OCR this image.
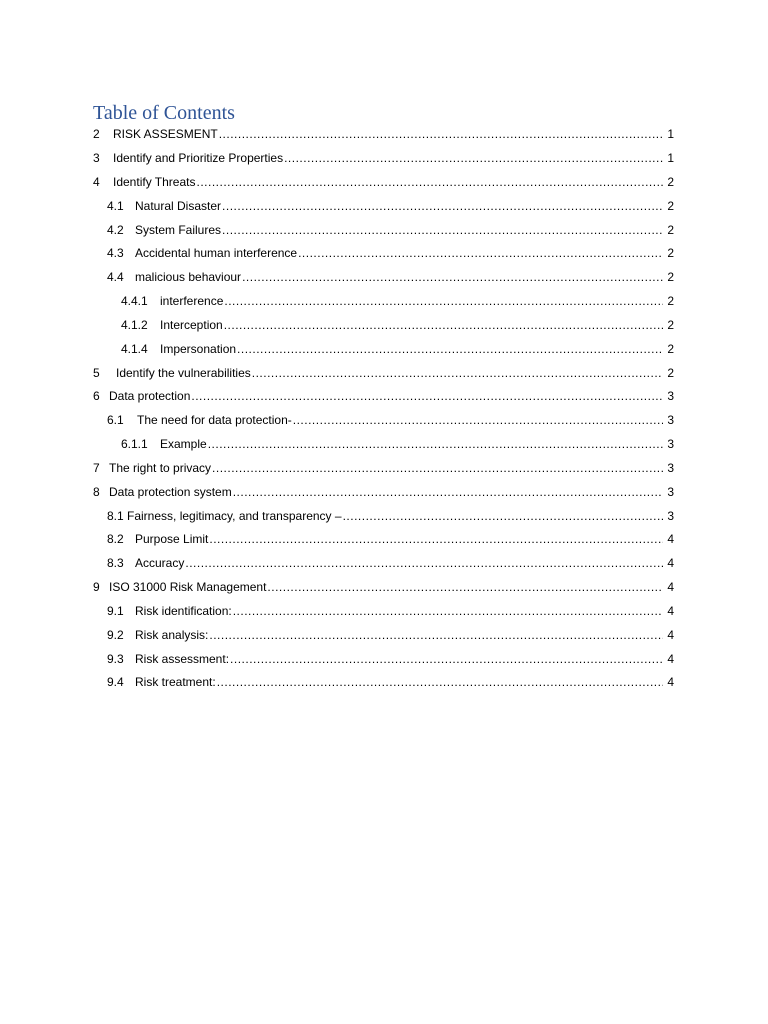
Table of Contents
2	RISK ASSESMENT .....	1
3	Identify and Prioritize Properties .....	1
4	Identify Threats .....	2
4.1 Natural Disaster .....	2
4.2 System Failures .....	2
4.3 Accidental human interference .....	2
4.4 malicious behaviour .....	2
4.4.1	interference .....	2
4.1.2	Interception .....	2
4.1.4	Impersonation .....	2
5	Identify the vulnerabilities .....	2
6 Data protection .....	3
6.1	The need for data protection- .....	3
6.1.1	Example .....	3
7 The right to privacy .....	3
8 Data protection system .....	3
8.1 Fairness, legitimacy, and transparency – .....	3
8.2 Purpose Limit .....	4
8.3 Accuracy .....	4
9 ISO 31000 Risk Management .....	4
9.1 Risk identification: .....	4
9.2 Risk analysis: .....	4
9.3 Risk assessment: .....	4
9.4 Risk treatment: .....	4
